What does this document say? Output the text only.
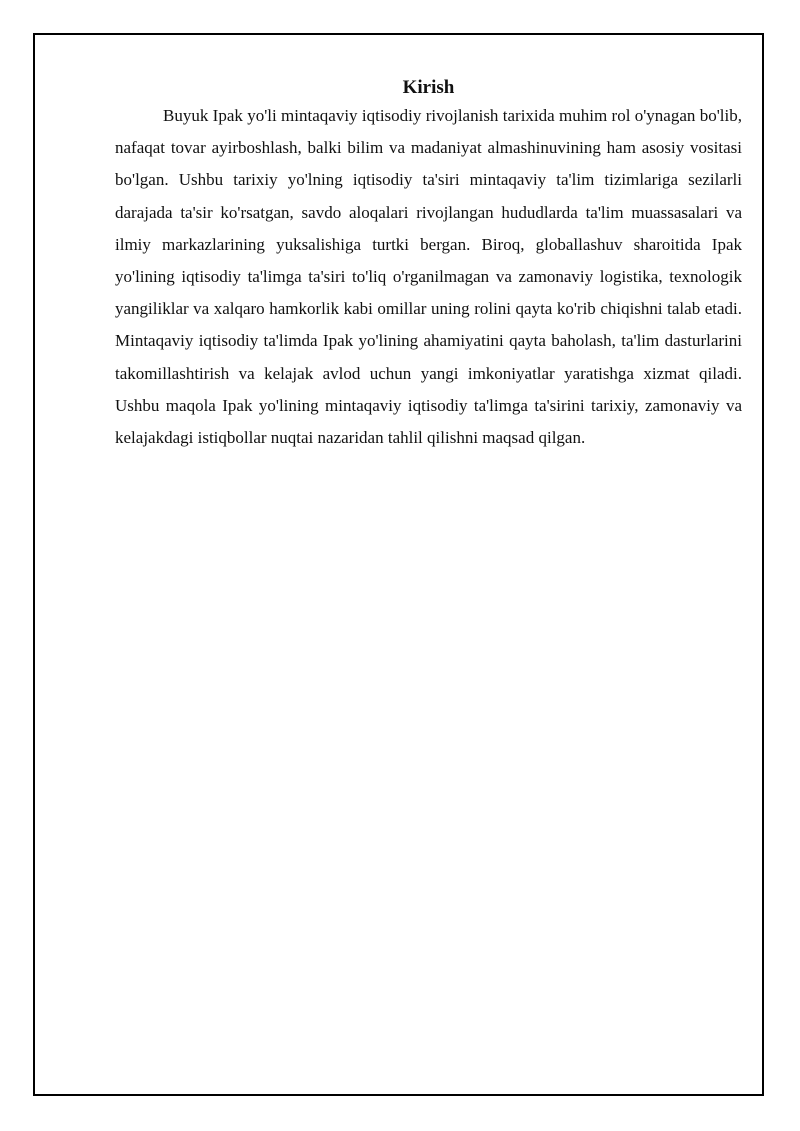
Kirish

Buyuk Ipak yo'li mintaqaviy iqtisodiy rivojlanish tarixida muhim rol o'ynagan bo'lib, nafaqat tovar ayirboshlash, balki bilim va madaniyat almashinuvining ham asosiy vositasi bo'lgan. Ushbu tarixiy yo'lning iqtisodiy ta'siri mintaqaviy ta'lim tizimlariga sezilarli darajada ta'sir ko'rsatgan, savdo aloqalari rivojlangan hududlarda ta'lim muassasalari va ilmiy markazlarining yuksalishiga turtki bergan. Biroq, globallashuv sharoitida Ipak yo'lining iqtisodiy ta'limga ta'siri to'liq o'rganilmagan va zamonaviy logistika, texnologik yangiliklar va xalqaro hamkorlik kabi omillar uning rolini qayta ko'rib chiqishni talab etadi. Mintaqaviy iqtisodiy ta'limda Ipak yo'lining ahamiyatini qayta baholash, ta'lim dasturlarini takomillashtirish va kelajak avlod uchun yangi imkoniyatlar yaratishga xizmat qiladi. Ushbu maqola Ipak yo'lining mintaqaviy iqtisodiy ta'limga ta'sirini tarixiy, zamonaviy va kelajakdagi istiqbollar nuqtai nazaridan tahlil qilishni maqsad qilgan.
